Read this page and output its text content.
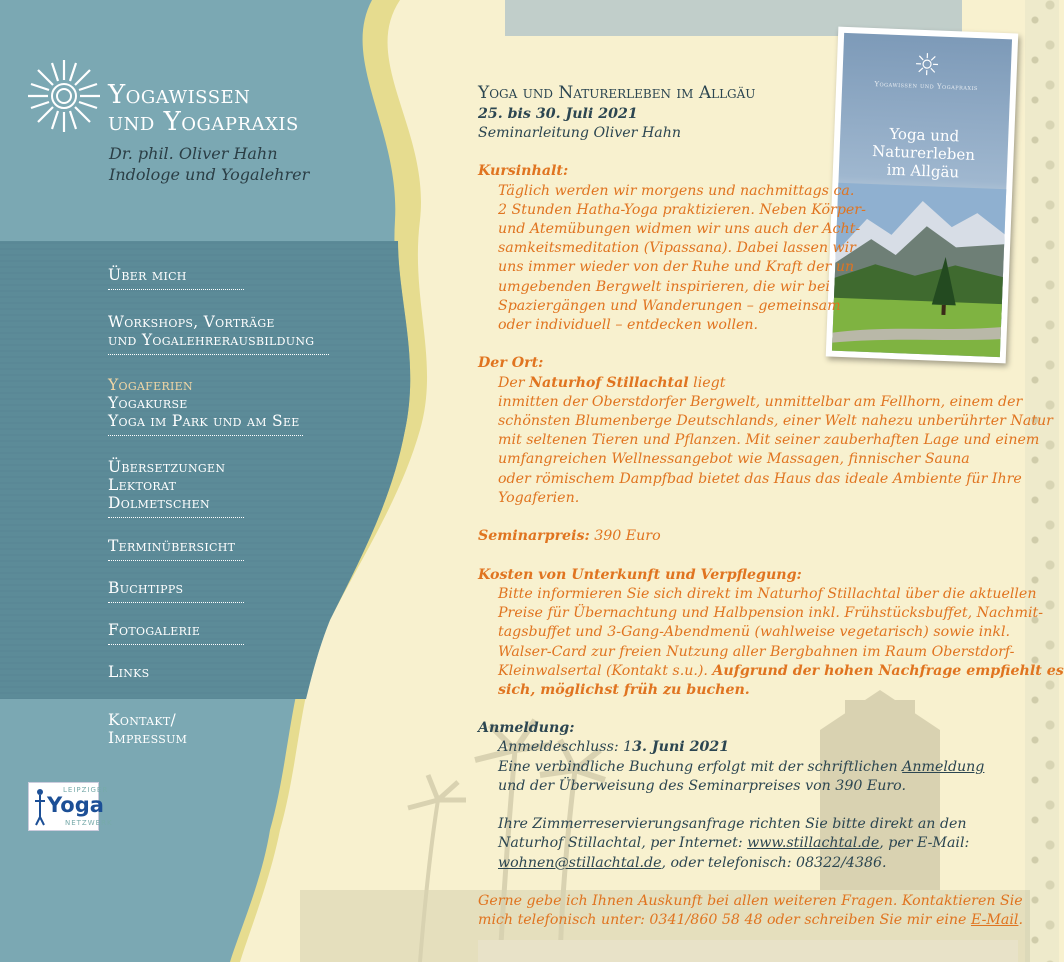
Yogawissen
und Yogapraxis
Dr. phil. Oliver Hahn
Indologe und Yogalehrer
Über mich
Workshops, Vorträge
und Yogalehrerausbildung
Yogaferien
Yogakurse
Yoga im Park und am See
Übersetzungen
Lektorat
Dolmetschen
Terminübersicht
Buchtipps
Fotogalerie
Links
Kontakt/
Impressum
LEIPZIGER
Yoga
NETZWERK
Yogawissen und Yogapraxis
Yoga und
Naturerleben
im Allgäu
Yoga und Naturerleben im Allgäu
25. bis 30. Juli 2021
Seminarleitung Oliver Hahn
Kursinhalt:
Täglich werden wir morgens und nachmittags ca.
2 Stunden Hatha-Yoga praktizieren. Neben Körper-
und Atemübungen widmen wir uns auch der Acht-
samkeitsmeditation (Vipassana). Dabei lassen wir
uns immer wieder von der Ruhe und Kraft der un
umgebenden Bergwelt inspirieren, die wir bei
Spaziergängen und Wanderungen – gemeinsam
oder individuell – entdecken wollen.
Der Ort:
Der Naturhof Stillachtal liegt
inmitten der Oberstdorfer Bergwelt, unmittelbar am Fellhorn, einem der
schönsten Blumenberge Deutschlands, einer Welt nahezu unberührter Natur
mit seltenen Tieren und Pflanzen. Mit seiner zauberhaften Lage und einem
umfangreichen Wellnessangebot wie Massagen, finnischer Sauna
oder römischem Dampfbad bietet das Haus das ideale Ambiente für Ihre
Yogaferien.
Seminarpreis: 390 Euro
Kosten von Unterkunft und Verpflegung:
Bitte informieren Sie sich direkt im Naturhof Stillachtal über die aktuellen
Preise für Übernachtung und Halbpension inkl. Frühstücksbuffet, Nachmit-
tagsbuffet und 3-Gang-Abendmenü (wahlweise vegetarisch) sowie inkl.
Walser-Card zur freien Nutzung aller Bergbahnen im Raum Oberstdorf-
Kleinwalsertal (Kontakt s.u.). Aufgrund der hohen Nachfrage empfiehlt es
sich, möglichst früh zu buchen.
Anmeldung:
Anmeldeschluss: 13. Juni 2021
Eine verbindliche Buchung erfolgt mit der schriftlichen Anmeldung
und der Überweisung des Seminarpreises von 390 Euro.
Ihre Zimmerreservierungsanfrage richten Sie bitte direkt an den
Naturhof Stillachtal, per Internet: www.stillachtal.de, per E-Mail:
wohnen@stillachtal.de, oder telefonisch: 08322/4386.
Gerne gebe ich Ihnen Auskunft bei allen weiteren Fragen. Kontaktieren Sie
mich telefonisch unter: 0341/860 58 48 oder schreiben Sie mir eine E-Mail.
